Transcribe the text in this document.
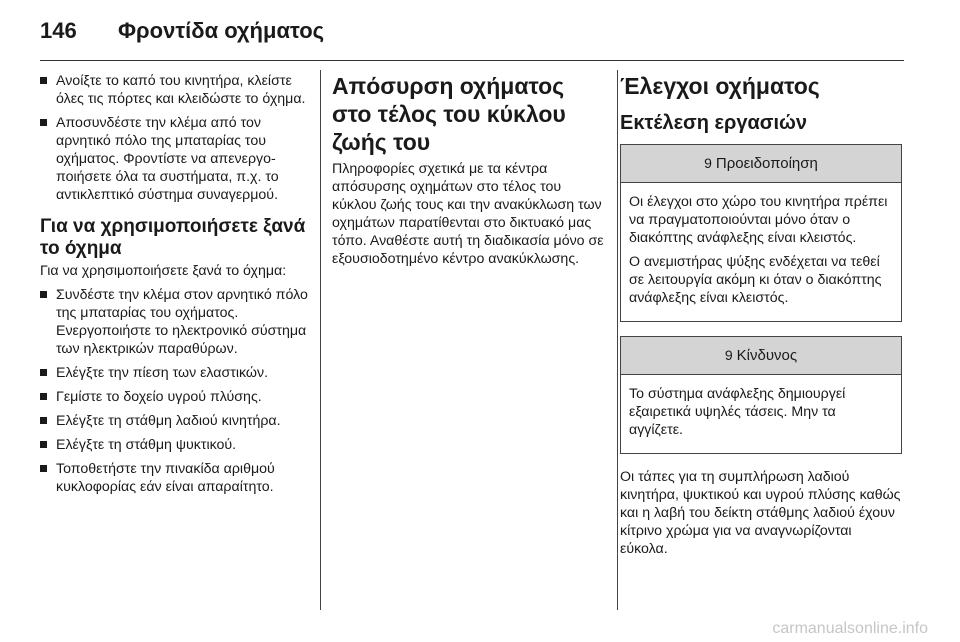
146	Φροντίδα οχήματος
Ανοίξτε το καπό του κινητήρα, κλείστε όλες τις πόρτες και κλειδώστε το όχημα.
Αποσυνδέστε την κλέμα από τον αρνητικό πόλο της μπαταρίας του οχήματος. Φροντίστε να απενεργοποιήσετε όλα τα συστήματα, π.χ. το αντικλεπτικό σύστημα συναγερμού.
Για να χρησιμοποιήσετε ξανά το όχημα

Για να χρησιμοποιήσετε ξανά το όχημα:

Συνδέστε την κλέμα στον αρνητικό πόλο της μπαταρίας του οχήματος. Ενεργοποιήστε το ηλεκτρονικό σύστημα των ηλεκτρικών παραθύρων.
Ελέγξτε την πίεση των ελαστικών.
Γεμίστε το δοχείο υγρού πλύσης.
Ελέγξτε τη στάθμη λαδιού κινητήρα.
Ελέγξτε τη στάθμη ψυκτικού.
Τοποθετήστε την πινακίδα αριθμού κυκλοφορίας εάν είναι απαραίτητο.
Απόσυρση οχήματος στο τέλος του κύκλου ζωής του

Πληροφορίες σχετικά με τα κέντρα απόσυρσης οχημάτων στο τέλος του κύκλου ζωής τους και την ανακύκλωση των οχημάτων παρατίθενται στο δικτυακό μας τόπο. Αναθέστε αυτή τη διαδικασία μόνο σε εξουσιοδοτημένο κέντρο ανακύκλωσης.

Έλεγχοι οχήματος
Εκτέλεση εργασιών
9 Προειδοποίηση

Οι έλεγχοι στο χώρο του κινητήρα πρέπει να πραγματοποιούνται μόνο όταν ο διακόπτης ανάφλεξης είναι κλειστός.

Ο ανεμιστήρας ψύξης ενδέχεται να τεθεί σε λειτουργία ακόμη κι όταν ο διακόπτης ανάφλεξης είναι κλειστός.

9 Κίνδυνος

Το σύστημα ανάφλεξης δημιουργεί εξαιρετικά υψηλές τάσεις. Μην τα αγγίζετε.

Οι τάπες για τη συμπλήρωση λαδιού κινητήρα, ψυκτικού και υγρού πλύσης καθώς και η λαβή του δείκτη στάθμης λαδιού έχουν κίτρινο χρώμα για να αναγνωρίζονται εύκολα.

carmanualsonline.info
